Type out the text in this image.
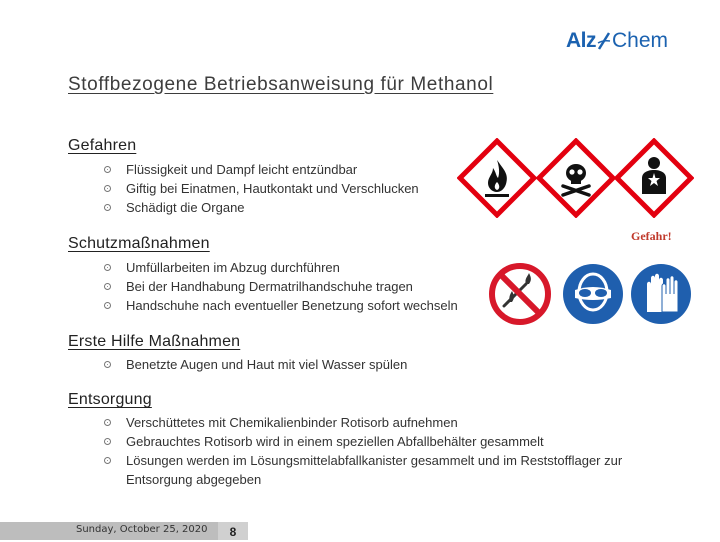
Alz Chem
Stoffbezogene Betriebsanweisung für Methanol
Gefahren
Flüssigkeit und Dampf leicht entzündbar
Giftig bei Einatmen, Hautkontakt und Verschlucken
Schädigt die Organe
Gefahr!
Schutzmaßnahmen
Umfüllarbeiten im Abzug durchführen
Bei der Handhabung Dermatrilhandschuhe tragen
Handschuhe nach eventueller Benetzung sofort wechseln
Erste Hilfe Maßnahmen
Benetzte Augen und Haut mit viel Wasser spülen
Entsorgung
Verschüttetes mit Chemikalienbinder Rotisorb aufnehmen
Gebrauchtes Rotisorb wird in einem speziellen Abfallbehälter gesammelt
Lösungen werden im Lösungsmittelabfallkanister gesammelt und im Reststofflager zur Entsorgung abgegeben
Sunday, October 25, 2020	8
